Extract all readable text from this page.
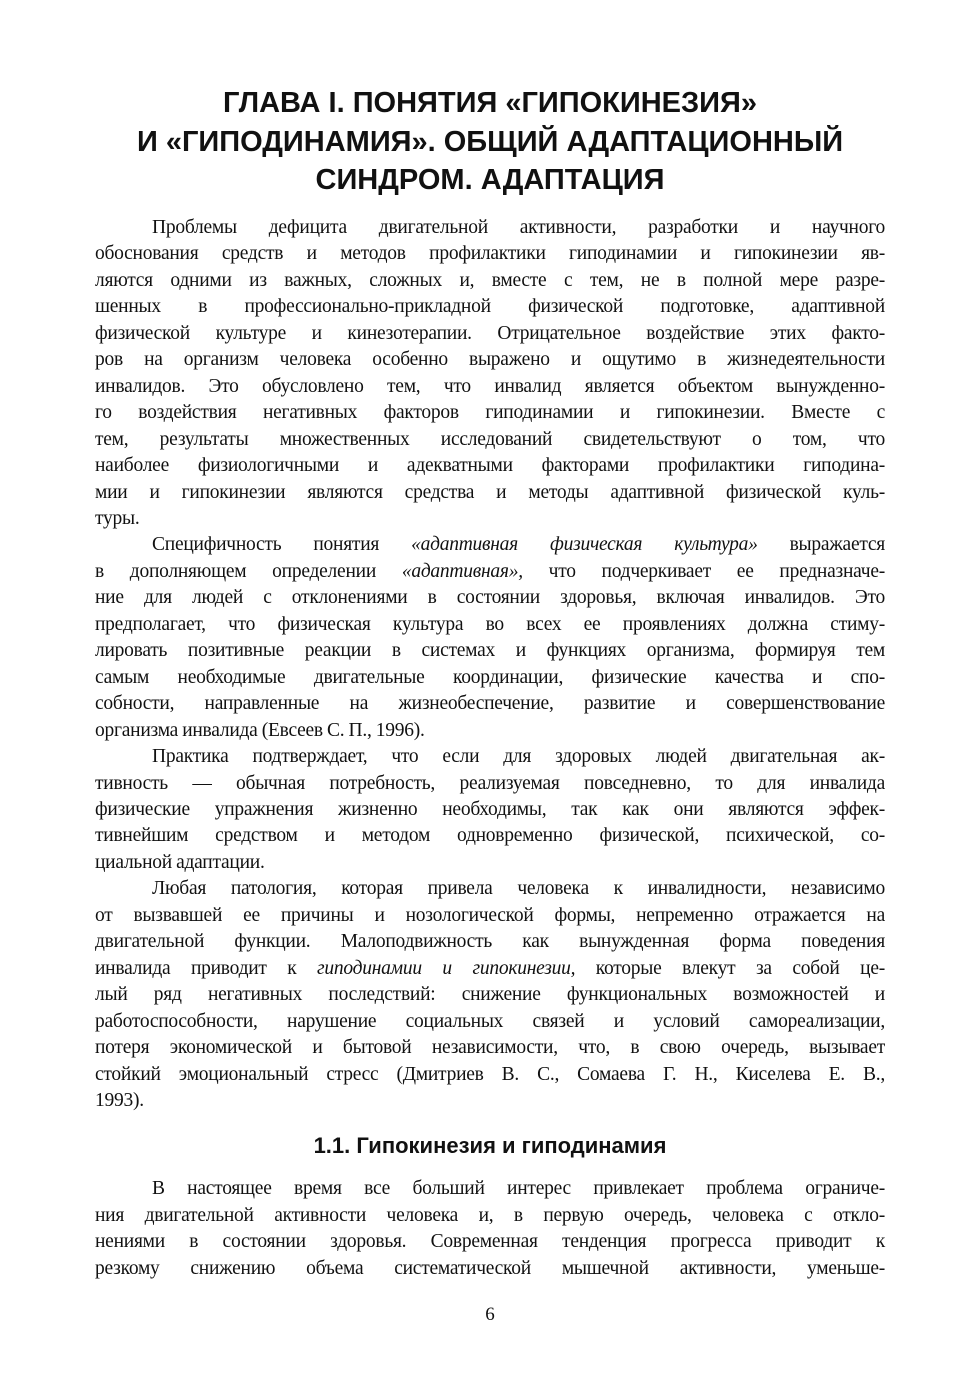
ГЛАВА I. ПОНЯТИЯ «ГИПОКИНЕЗИЯ»
И «ГИПОДИНАМИЯ». ОБЩИЙ АДАПТАЦИОННЫЙ
СИНДРОМ. АДАПТАЦИЯ
Проблемы дефицита двигательной активности, разработки и научного
обоснования средств и методов профилактики гиподинамии и гипокинезии яв-
ляются одними из важных, сложных и, вместе с тем, не в полной мере разре-
шенных в профессионально-прикладной физической подготовке, адаптивной
физической культуре и кинезотерапии. Отрицательное воздействие этих факто-
ров на организм человека особенно выражено и ощутимо в жизнедеятельности
инвалидов. Это обусловлено тем, что инвалид является объектом вынужденно-
го воздействия негативных факторов гиподинамии и гипокинезии. Вместе с
тем, результаты множественных исследований свидетельствуют о том, что
наиболее физиологичными и адекватными факторами профилактики гиподина-
мии и гипокинезии являются средства и методы адаптивной физической куль-
туры.
Специфичность понятия «адаптивная физическая культура» выражается
в дополняющем определении «адаптивная», что подчеркивает ее предназначе-
ние для людей с отклонениями в состоянии здоровья, включая инвалидов. Это
предполагает, что физическая культура во всех ее проявлениях должна стиму-
лировать позитивные реакции в системах и функциях организма, формируя тем
самым необходимые двигательные координации, физические качества и спо-
собности, направленные на жизнеобеспечение, развитие и совершенствование
организма инвалида (Евсеев С. П., 1996).
Практика подтверждает, что если для здоровых людей двигательная ак-
тивность — обычная потребность, реализуемая повседневно, то для инвалида
физические упражнения жизненно необходимы, так как они являются эффек-
тивнейшим средством и методом одновременно физической, психической, со-
циальной адаптации.
Любая патология, которая привела человека к инвалидности, независимо
от вызвавшей ее причины и нозологической формы, непременно отражается на
двигательной функции. Малоподвижность как вынужденная форма поведения
инвалида приводит к гиподинамии и гипокинезии, которые влекут за собой це-
лый ряд негативных последствий: снижение функциональных возможностей и
работоспособности, нарушение социальных связей и условий самореализации,
потеря экономической и бытовой независимости, что, в свою очередь, вызывает
стойкий эмоциональный стресс (Дмитриев В. С., Сомаева Г. Н., Киселева Е. В.,
1993).
1.1. Гипокинезия и гиподинамия
В настоящее время все больший интерес привлекает проблема ограниче-
ния двигательной активности человека и, в первую очередь, человека с откло-
нениями в состоянии здоровья. Современная тенденция прогресса приводит к
резкому снижению объема систематической мышечной активности, уменьше-
6
